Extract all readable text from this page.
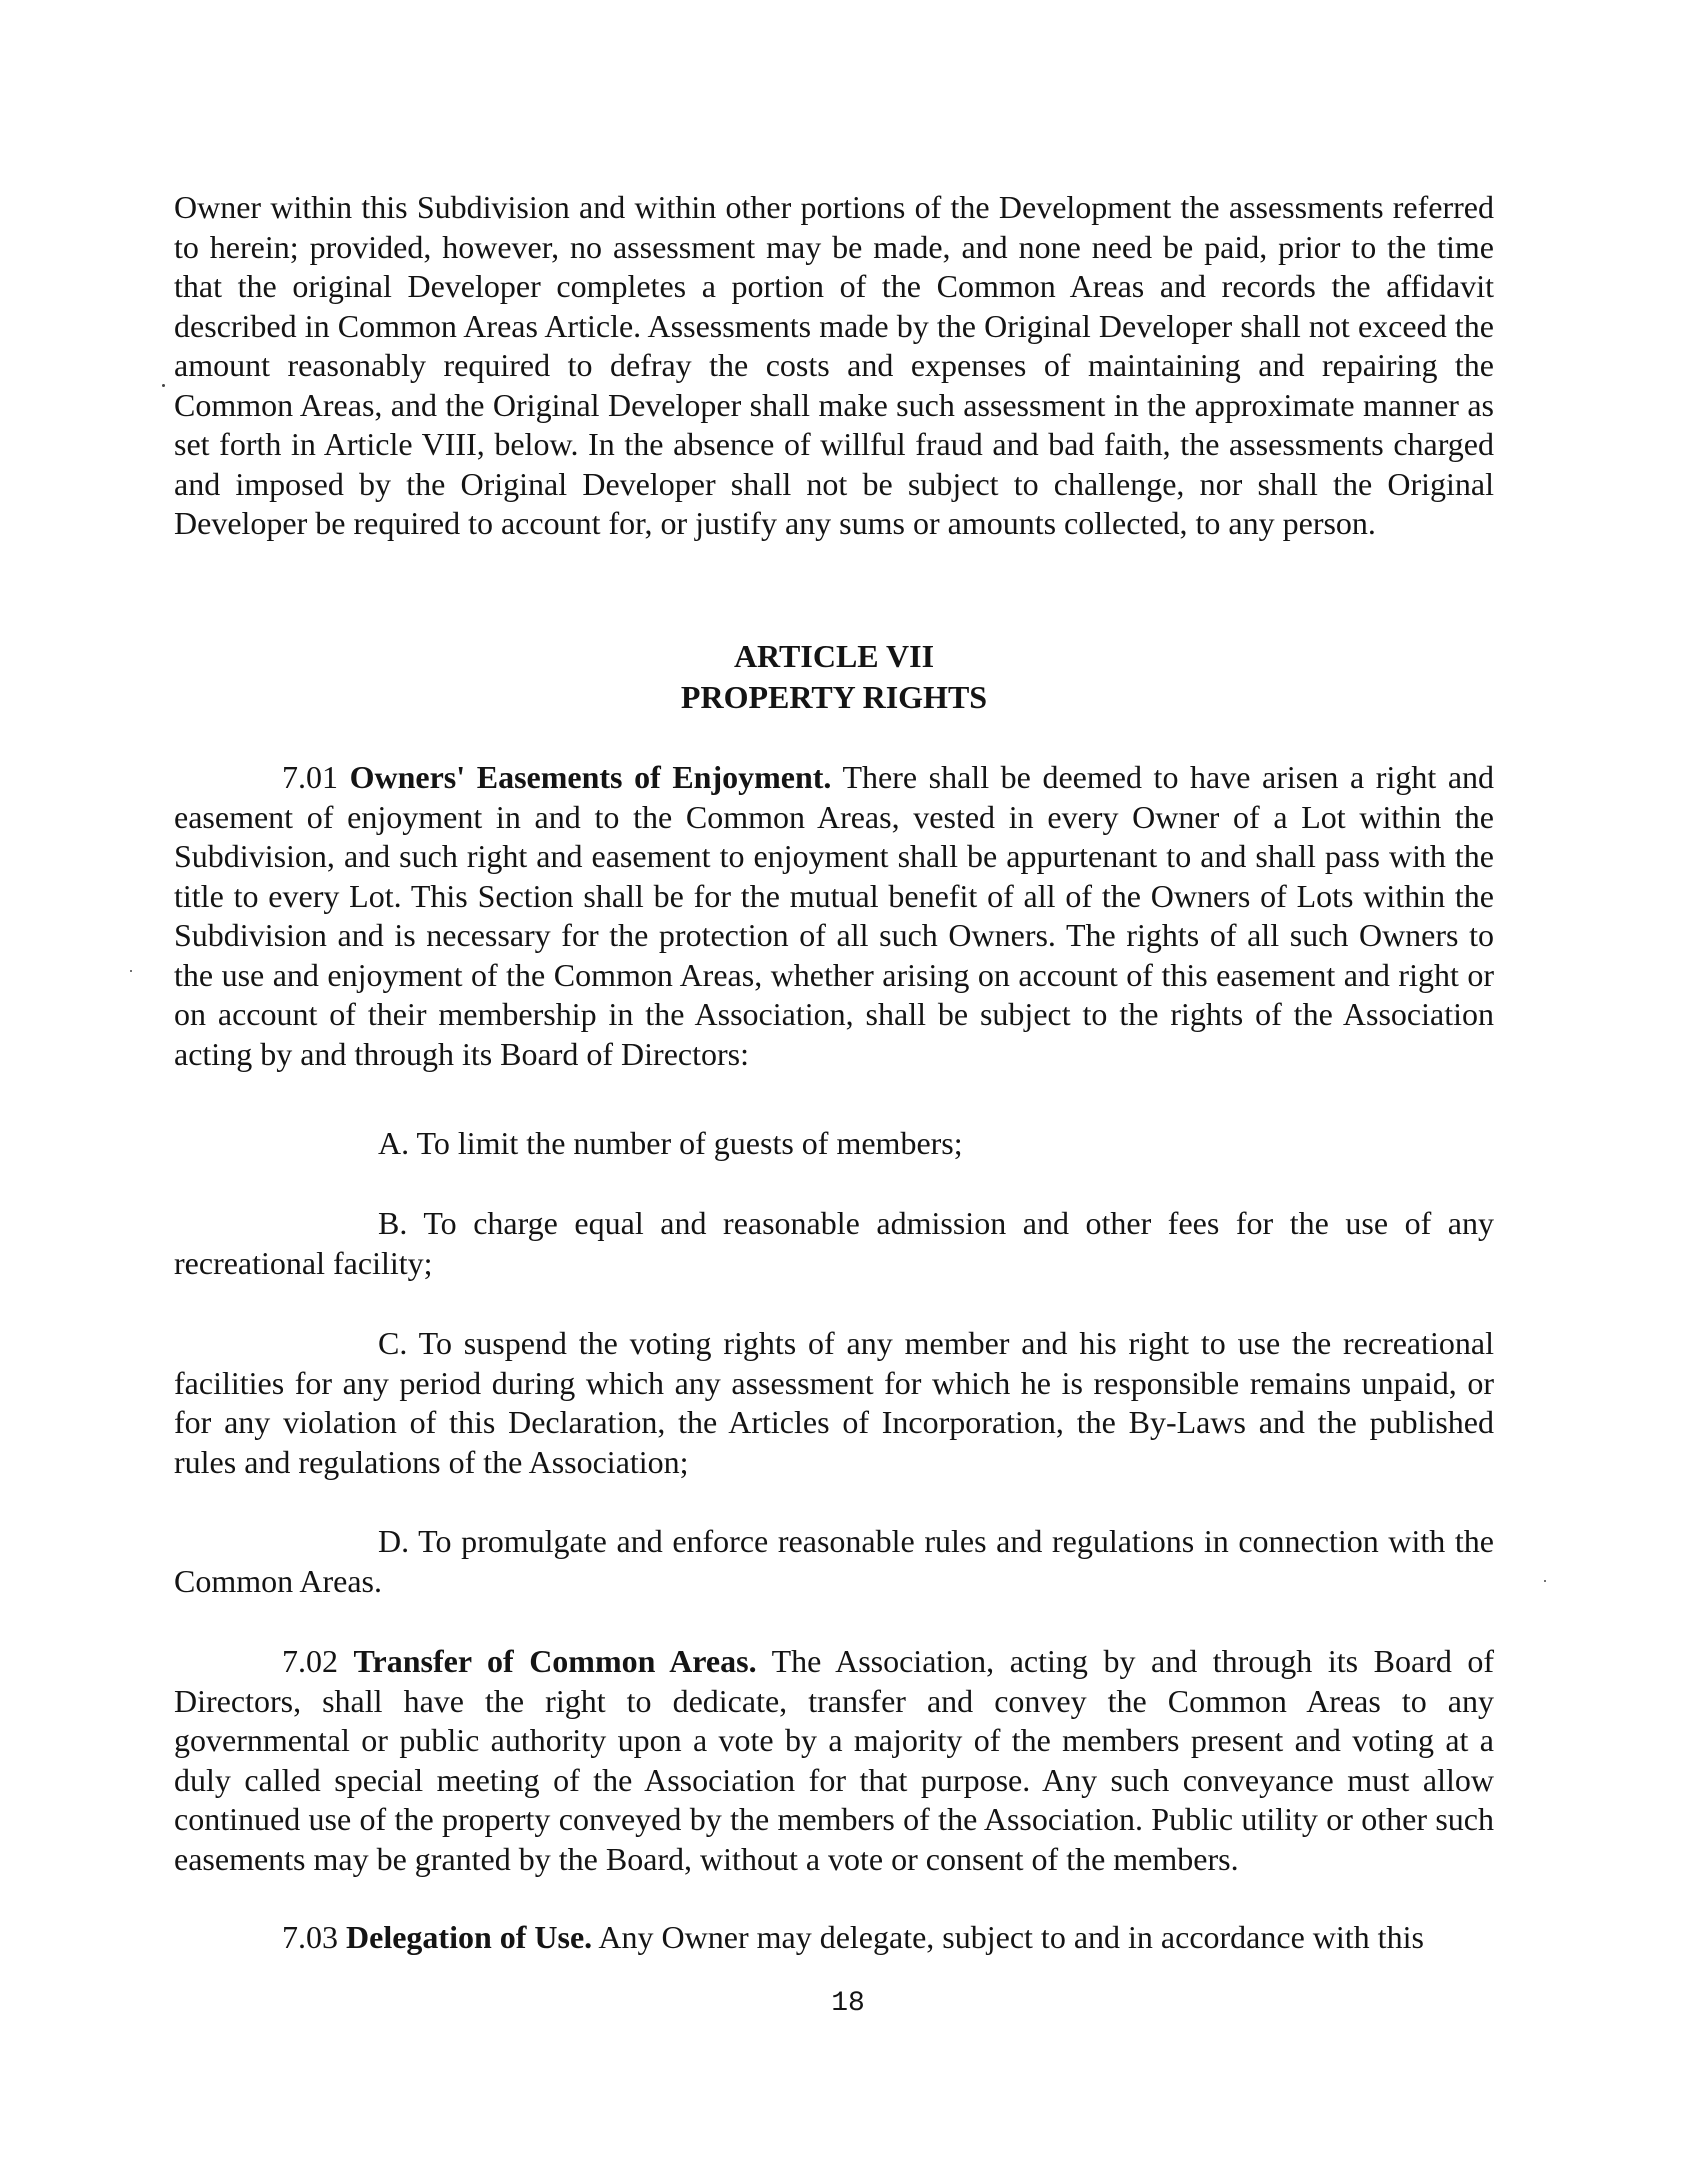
Owner within this Subdivision and within other portions of the Development the assessments referred to herein; provided, however, no assessment may be made, and none need be paid, prior to the time that the original Developer completes a portion of the Common Areas and records the affidavit described in Common Areas Article. Assessments made by the Original Developer shall not exceed the amount reasonably required to defray the costs and expenses of maintaining and repairing the Common Areas, and the Original Developer shall make such assessment in the approximate manner as set forth in Article VIII, below. In the absence of willful fraud and bad faith, the assessments charged and imposed by the Original Developer shall not be subject to challenge, nor shall the Original Developer be required to account for, or justify any sums or amounts collected, to any person.

ARTICLE VII
PROPERTY RIGHTS

7.01 Owners' Easements of Enjoyment. There shall be deemed to have arisen a right and easement of enjoyment in and to the Common Areas, vested in every Owner of a Lot within the Subdivision, and such right and easement to enjoyment shall be appurtenant to and shall pass with the title to every Lot. This Section shall be for the mutual benefit of all of the Owners of Lots within the Subdivision and is necessary for the protection of all such Owners. The rights of all such Owners to the use and enjoyment of the Common Areas, whether arising on account of this easement and right or on account of their membership in the Association, shall be subject to the rights of the Association acting by and through its Board of Directors:

A. To limit the number of guests of members;

B. To charge equal and reasonable admission and other fees for the use of any recreational facility;

C. To suspend the voting rights of any member and his right to use the recreational facilities for any period during which any assessment for which he is responsible remains unpaid, or for any violation of this Declaration, the Articles of Incorporation, the By-Laws and the published rules and regulations of the Association;

D. To promulgate and enforce reasonable rules and regulations in connection with the Common Areas.

7.02 Transfer of Common Areas. The Association, acting by and through its Board of Directors, shall have the right to dedicate, transfer and convey the Common Areas to any governmental or public authority upon a vote by a majority of the members present and voting at a duly called special meeting of the Association for that purpose. Any such conveyance must allow continued use of the property conveyed by the members of the Association. Public utility or other such easements may be granted by the Board, without a vote or consent of the members.

7.03 Delegation of Use. Any Owner may delegate, subject to and in accordance with this

18
